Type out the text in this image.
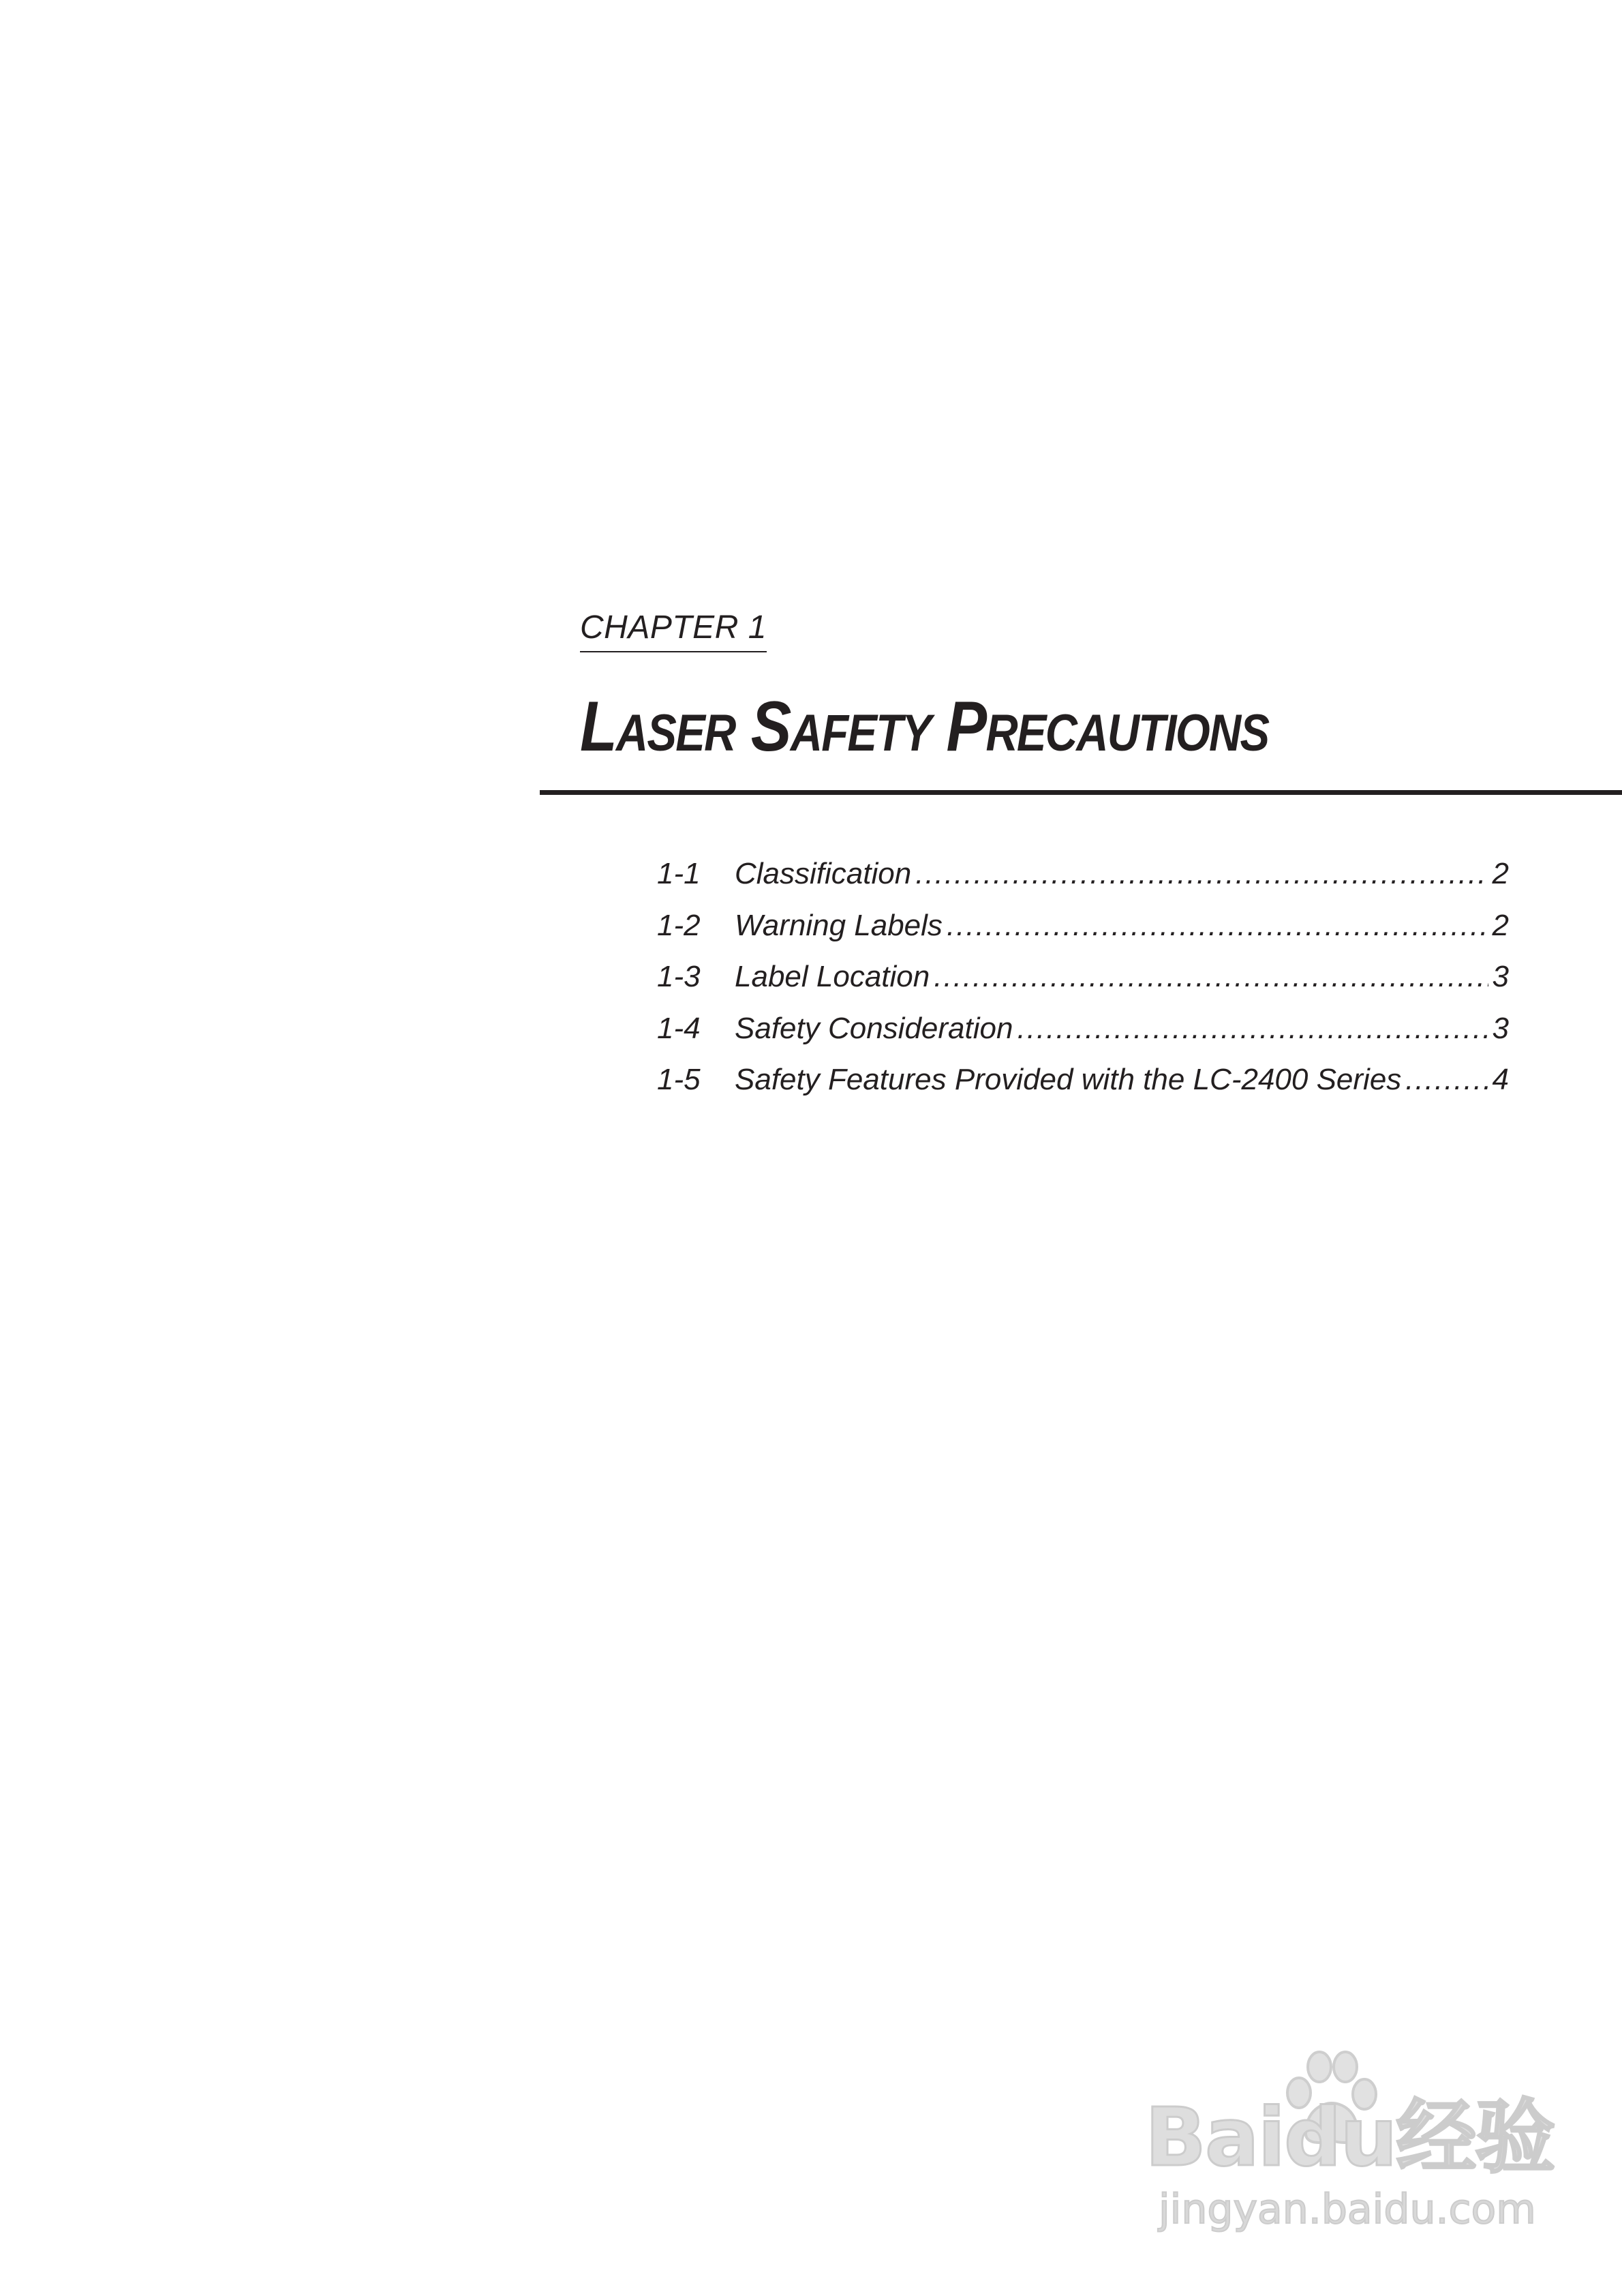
CHAPTER 1
LASER SAFETY PRECAUTIONS
1-1	Classification .....	2
1-2	Warning Labels .....	2
1-3	Label Location .....	3
1-4	Safety Consideration .....	3
1-5	Safety Features Provided with the LC-2400 Series .....	4
Baidu经验
jingyan.baidu.com
